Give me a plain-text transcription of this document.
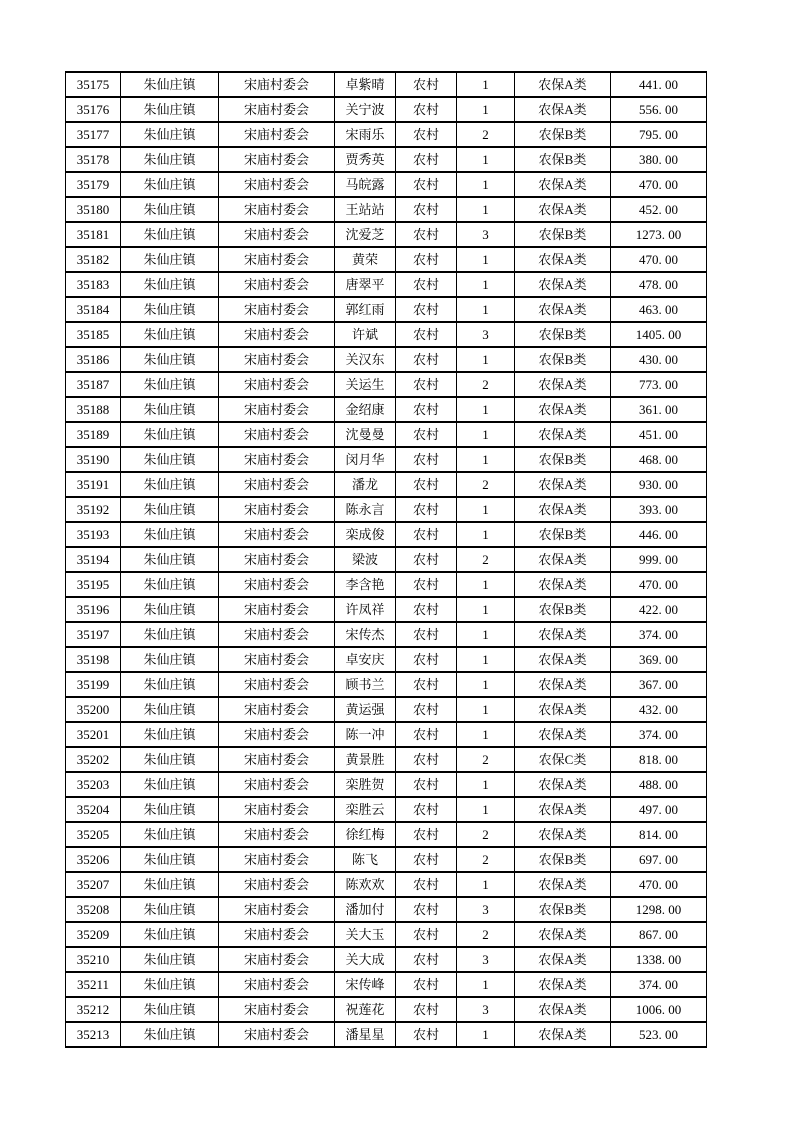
35175	朱仙庄镇	宋庙村委会	卓紫晴	农村	1	农保A类	441. 00
35176	朱仙庄镇	宋庙村委会	关宁波	农村	1	农保A类	556. 00
35177	朱仙庄镇	宋庙村委会	宋雨乐	农村	2	农保B类	795. 00
35178	朱仙庄镇	宋庙村委会	贾秀英	农村	1	农保B类	380. 00
35179	朱仙庄镇	宋庙村委会	马皖露	农村	1	农保A类	470. 00
35180	朱仙庄镇	宋庙村委会	王站站	农村	1	农保A类	452. 00
35181	朱仙庄镇	宋庙村委会	沈爱芝	农村	3	农保B类	1273. 00
35182	朱仙庄镇	宋庙村委会	黄荣	农村	1	农保A类	470. 00
35183	朱仙庄镇	宋庙村委会	唐翠平	农村	1	农保A类	478. 00
35184	朱仙庄镇	宋庙村委会	郭红雨	农村	1	农保A类	463. 00
35185	朱仙庄镇	宋庙村委会	许斌	农村	3	农保B类	1405. 00
35186	朱仙庄镇	宋庙村委会	关汉东	农村	1	农保B类	430. 00
35187	朱仙庄镇	宋庙村委会	关运生	农村	2	农保A类	773. 00
35188	朱仙庄镇	宋庙村委会	金绍康	农村	1	农保A类	361. 00
35189	朱仙庄镇	宋庙村委会	沈曼曼	农村	1	农保A类	451. 00
35190	朱仙庄镇	宋庙村委会	闵月华	农村	1	农保B类	468. 00
35191	朱仙庄镇	宋庙村委会	潘龙	农村	2	农保A类	930. 00
35192	朱仙庄镇	宋庙村委会	陈永言	农村	1	农保A类	393. 00
35193	朱仙庄镇	宋庙村委会	栾成俊	农村	1	农保B类	446. 00
35194	朱仙庄镇	宋庙村委会	梁波	农村	2	农保A类	999. 00
35195	朱仙庄镇	宋庙村委会	李含艳	农村	1	农保A类	470. 00
35196	朱仙庄镇	宋庙村委会	许凤祥	农村	1	农保B类	422. 00
35197	朱仙庄镇	宋庙村委会	宋传杰	农村	1	农保A类	374. 00
35198	朱仙庄镇	宋庙村委会	卓安庆	农村	1	农保A类	369. 00
35199	朱仙庄镇	宋庙村委会	顾书兰	农村	1	农保A类	367. 00
35200	朱仙庄镇	宋庙村委会	黄运强	农村	1	农保A类	432. 00
35201	朱仙庄镇	宋庙村委会	陈一冲	农村	1	农保A类	374. 00
35202	朱仙庄镇	宋庙村委会	黄景胜	农村	2	农保C类	818. 00
35203	朱仙庄镇	宋庙村委会	栾胜贺	农村	1	农保A类	488. 00
35204	朱仙庄镇	宋庙村委会	栾胜云	农村	1	农保A类	497. 00
35205	朱仙庄镇	宋庙村委会	徐红梅	农村	2	农保A类	814. 00
35206	朱仙庄镇	宋庙村委会	陈飞	农村	2	农保B类	697. 00
35207	朱仙庄镇	宋庙村委会	陈欢欢	农村	1	农保A类	470. 00
35208	朱仙庄镇	宋庙村委会	潘加付	农村	3	农保B类	1298. 00
35209	朱仙庄镇	宋庙村委会	关大玉	农村	2	农保A类	867. 00
35210	朱仙庄镇	宋庙村委会	关大成	农村	3	农保A类	1338. 00
35211	朱仙庄镇	宋庙村委会	宋传峰	农村	1	农保A类	374. 00
35212	朱仙庄镇	宋庙村委会	祝莲花	农村	3	农保A类	1006. 00
35213	朱仙庄镇	宋庙村委会	潘星星	农村	1	农保A类	523. 00
